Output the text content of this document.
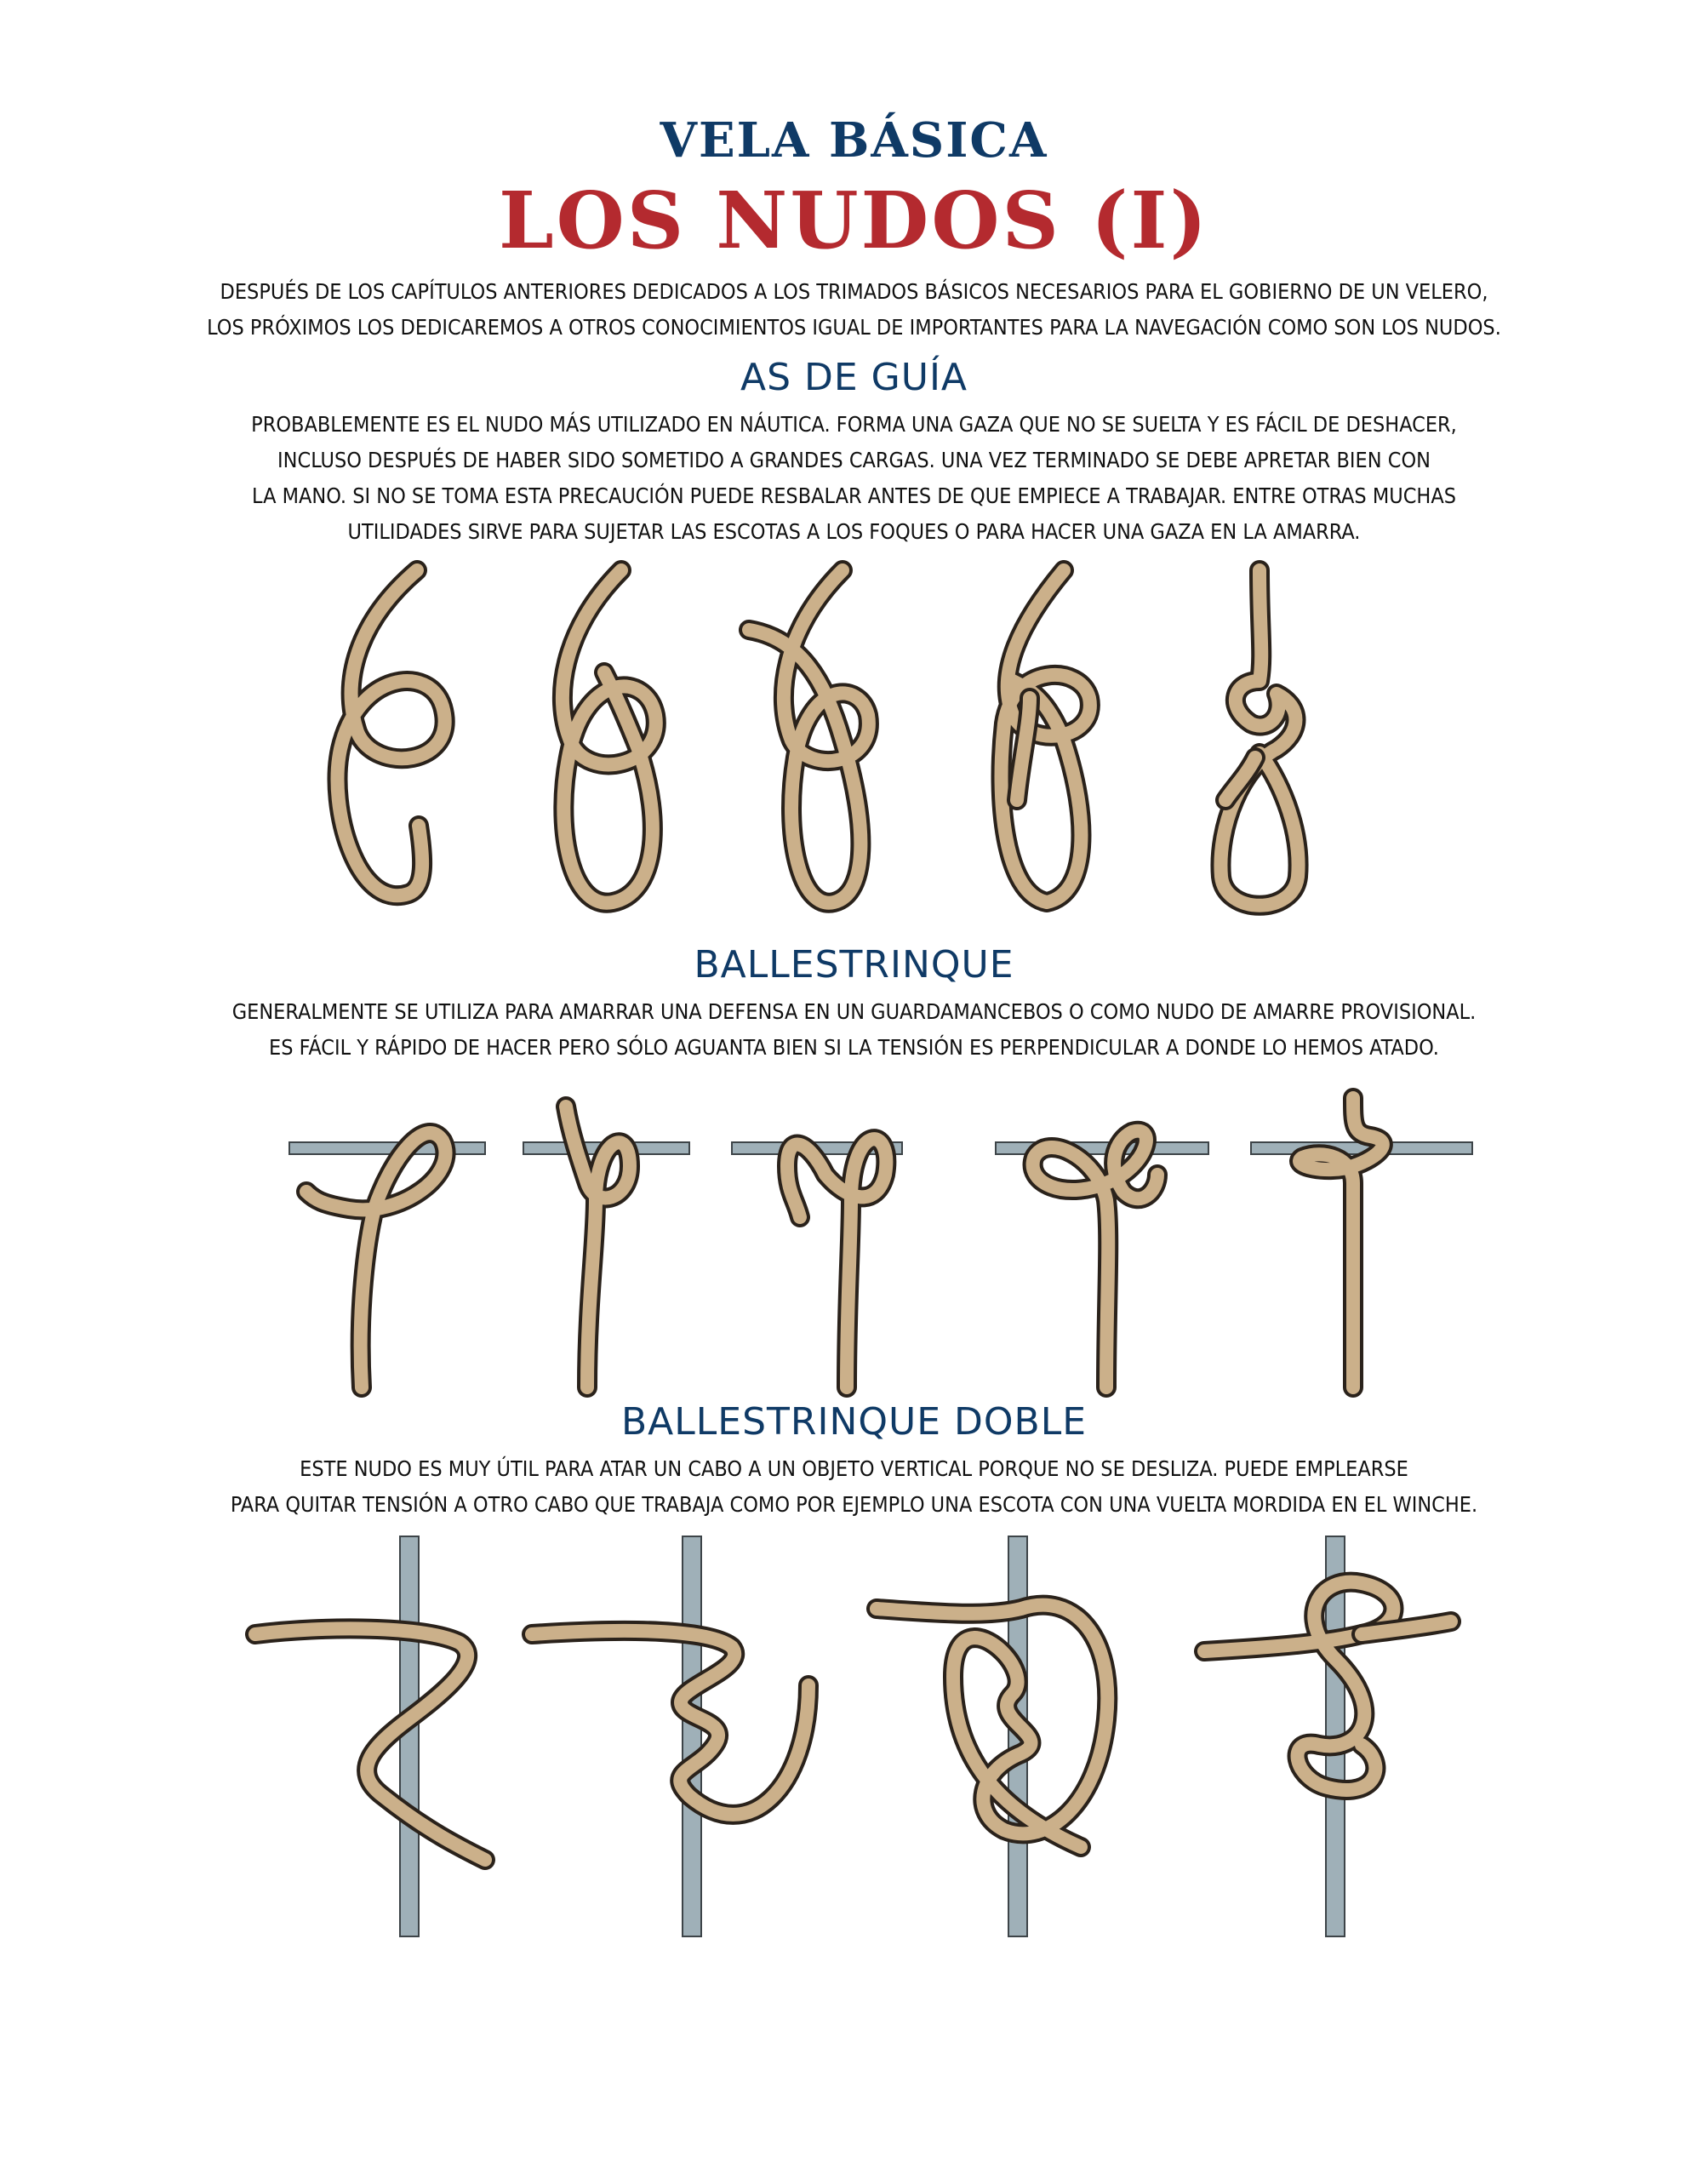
VELA BÁSICA
LOS NUDOS (I)
DESPUÉS DE LOS CAPÍTULOS ANTERIORES DEDICADOS A LOS TRIMADOS BÁSICOS NECESARIOS PARA EL GOBIERNO DE UN VELERO,
LOS PRÓXIMOS LOS DEDICAREMOS A OTROS CONOCIMIENTOS IGUAL DE IMPORTANTES PARA LA NAVEGACIÓN COMO SON LOS NUDOS.
AS DE GUÍA
PROBABLEMENTE ES EL NUDO MÁS UTILIZADO EN NÁUTICA. FORMA UNA GAZA QUE NO SE SUELTA Y ES FÁCIL DE DESHACER,
INCLUSO DESPUÉS DE HABER SIDO SOMETIDO A GRANDES CARGAS. UNA VEZ TERMINADO SE DEBE APRETAR BIEN CON
LA MANO. SI NO SE TOMA ESTA PRECAUCIÓN PUEDE RESBALAR ANTES DE QUE EMPIECE A TRABAJAR. ENTRE OTRAS MUCHAS
UTILIDADES SIRVE PARA SUJETAR LAS ESCOTAS A LOS FOQUES O PARA HACER UNA GAZA EN LA AMARRA.
BALLESTRINQUE
GENERALMENTE SE UTILIZA PARA AMARRAR UNA DEFENSA EN UN GUARDAMANCEBOS O COMO NUDO DE AMARRE PROVISIONAL.
ES FÁCIL Y RÁPIDO DE HACER PERO SÓLO AGUANTA BIEN SI LA TENSIÓN ES PERPENDICULAR A DONDE LO HEMOS ATADO.
BALLESTRINQUE DOBLE
ESTE NUDO ES MUY ÚTIL PARA ATAR UN CABO A UN OBJETO VERTICAL PORQUE NO SE DESLIZA. PUEDE EMPLEARSE
PARA QUITAR TENSIÓN A OTRO CABO QUE TRABAJA COMO POR EJEMPLO UNA ESCOTA CON UNA VUELTA MORDIDA EN EL WINCHE.
